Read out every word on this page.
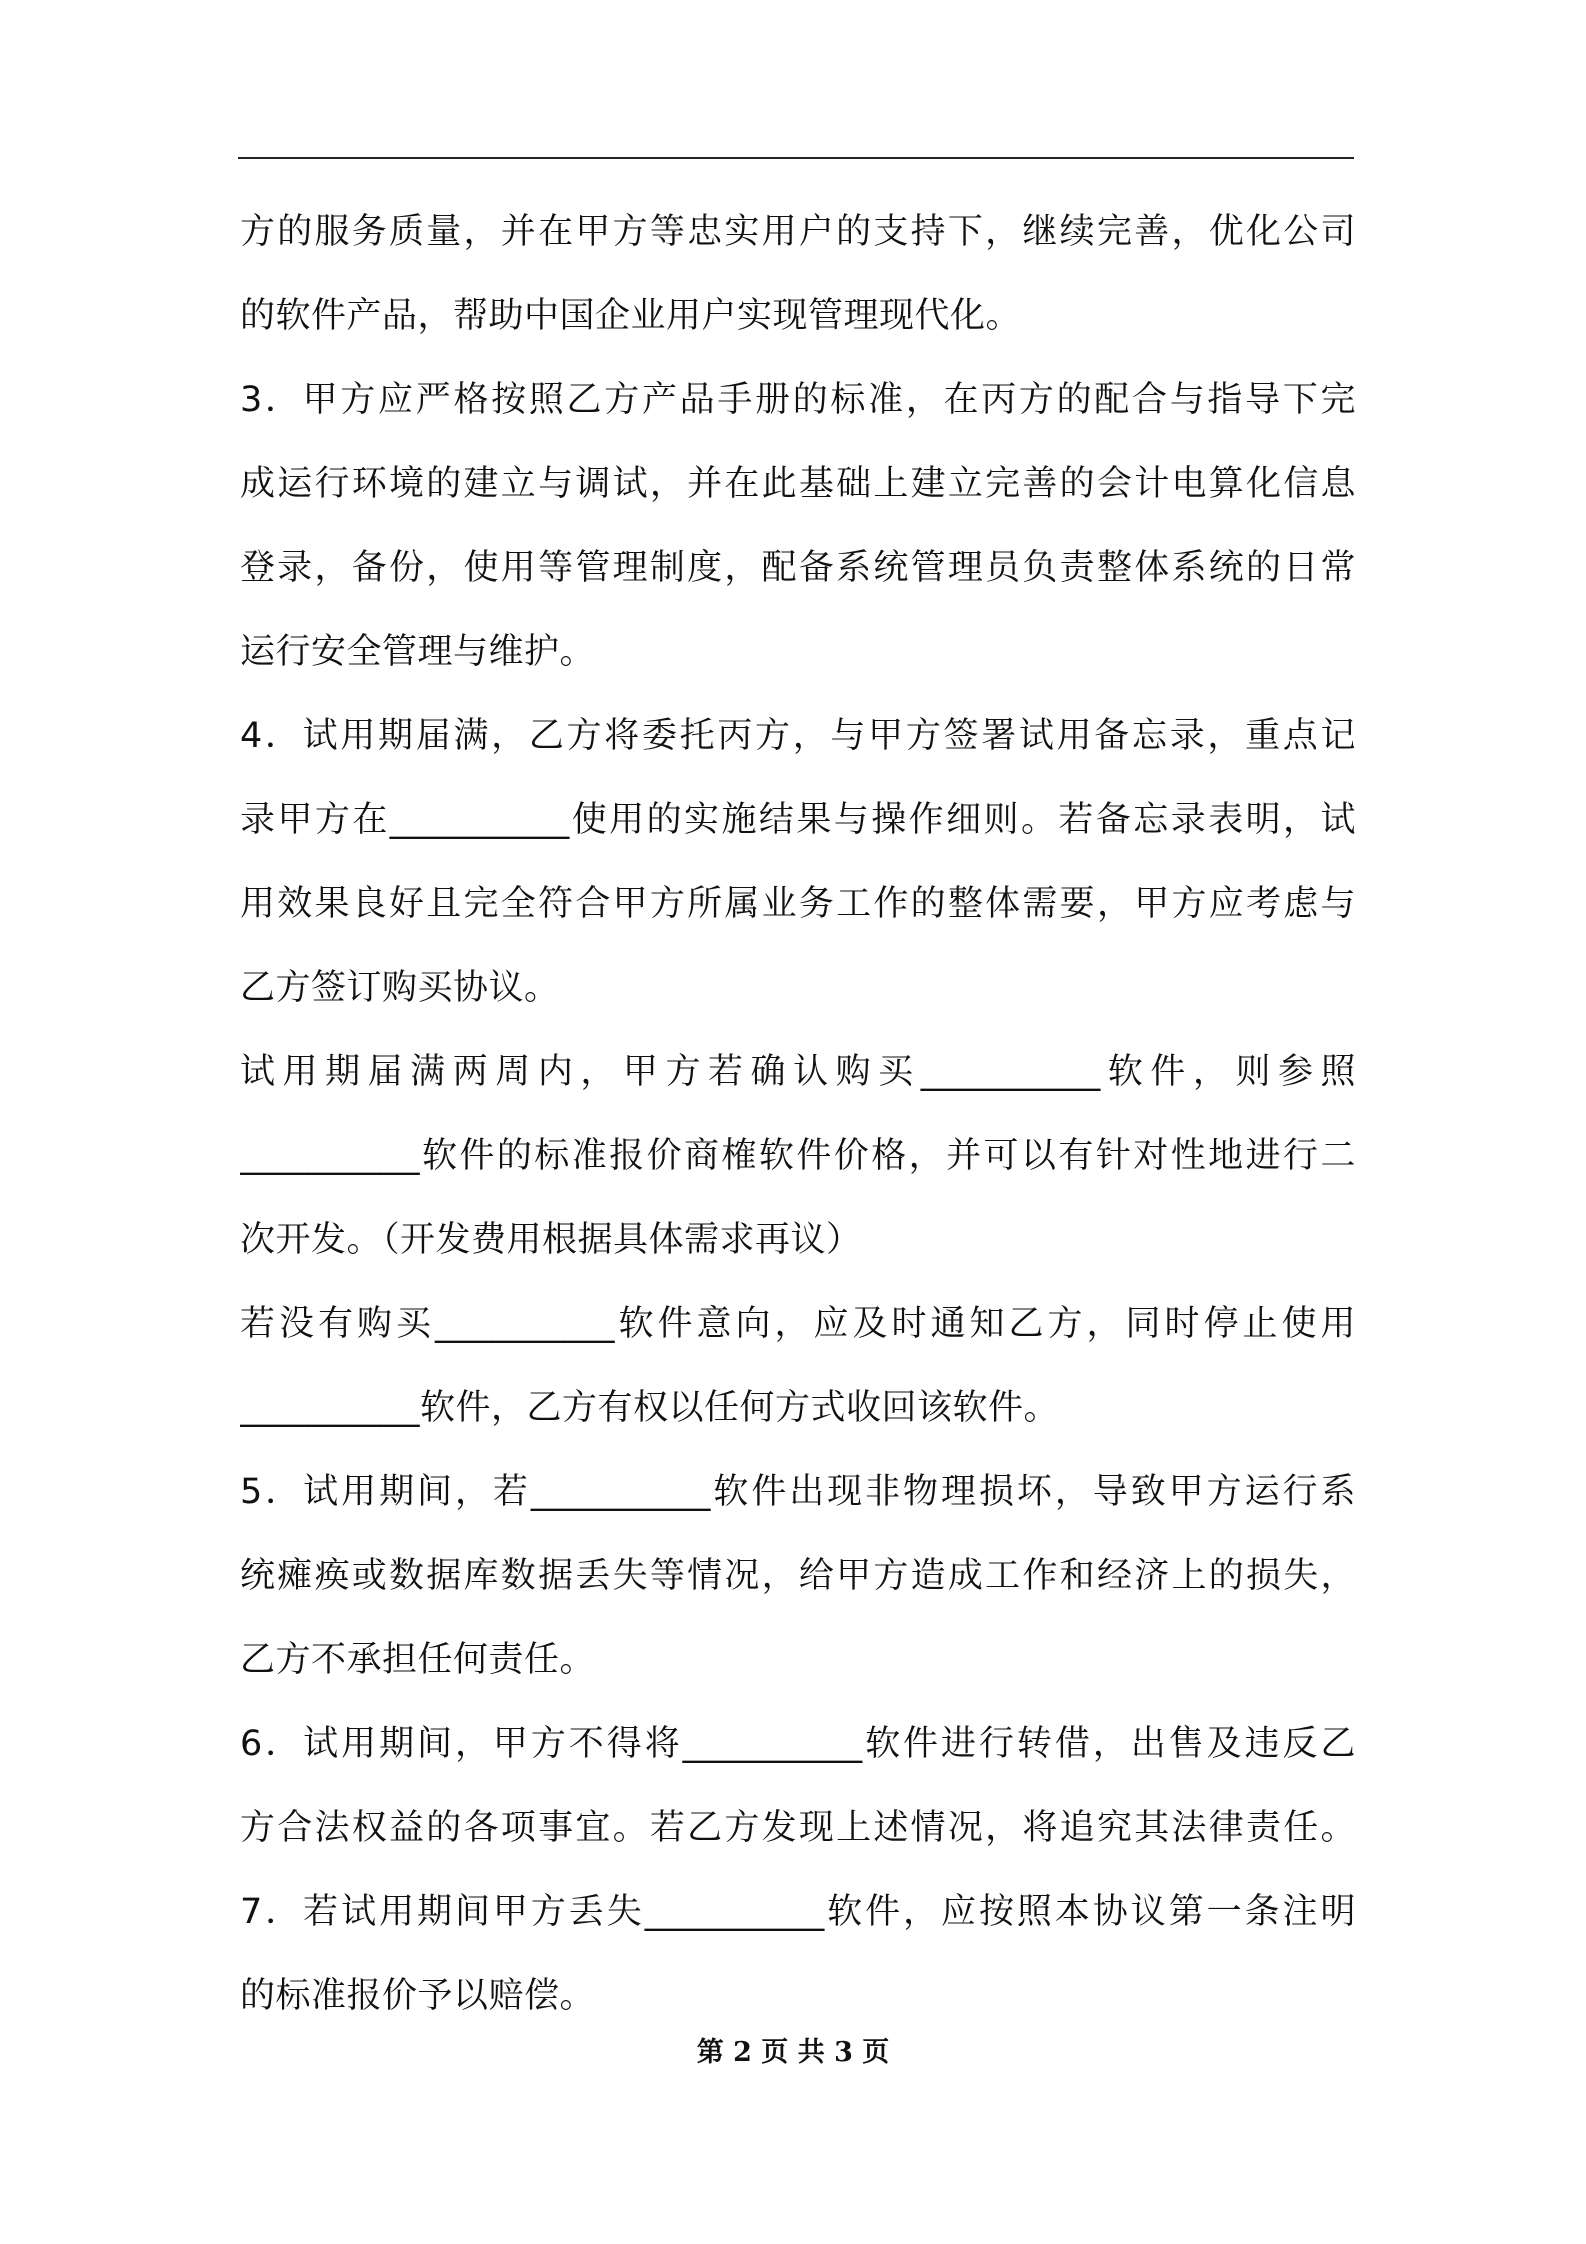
方的服务质量，并在甲方等忠实用户的支持下，继续完善，优化公司
的软件产品，帮助中国企业用户实现管理现代化。
3．甲方应严格按照乙方产品手册的标准，在丙方的配合与指导下完
成运行环境的建立与调试，并在此基础上建立完善的会计电算化信息
登录，备份，使用等管理制度，配备系统管理员负责整体系统的日常
运行安全管理与维护。
4．试用期届满，乙方将委托丙方，与甲方签署试用备忘录，重点记
录甲方在__________使用的实施结果与操作细则。若备忘录表明，试
用效果良好且完全符合甲方所属业务工作的整体需要，甲方应考虑与
乙方签订购买协议。
试用期届满两周内，甲方若确认购买__________软件，则参照
__________软件的标准报价商榷软件价格，并可以有针对性地进行二
次开发。（开发费用根据具体需求再议）
若没有购买__________软件意向，应及时通知乙方，同时停止使用
__________软件，乙方有权以任何方式收回该软件。
5．试用期间，若__________软件出现非物理损坏，导致甲方运行系
统瘫痪或数据库数据丢失等情况，给甲方造成工作和经济上的损失，
乙方不承担任何责任。
6．试用期间，甲方不得将__________软件进行转借，出售及违反乙
方合法权益的各项事宜。若乙方发现上述情况，将追究其法律责任。
7．若试用期间甲方丢失__________软件，应按照本协议第一条注明
的标准报价予以赔偿。
第 2 页 共 3 页
